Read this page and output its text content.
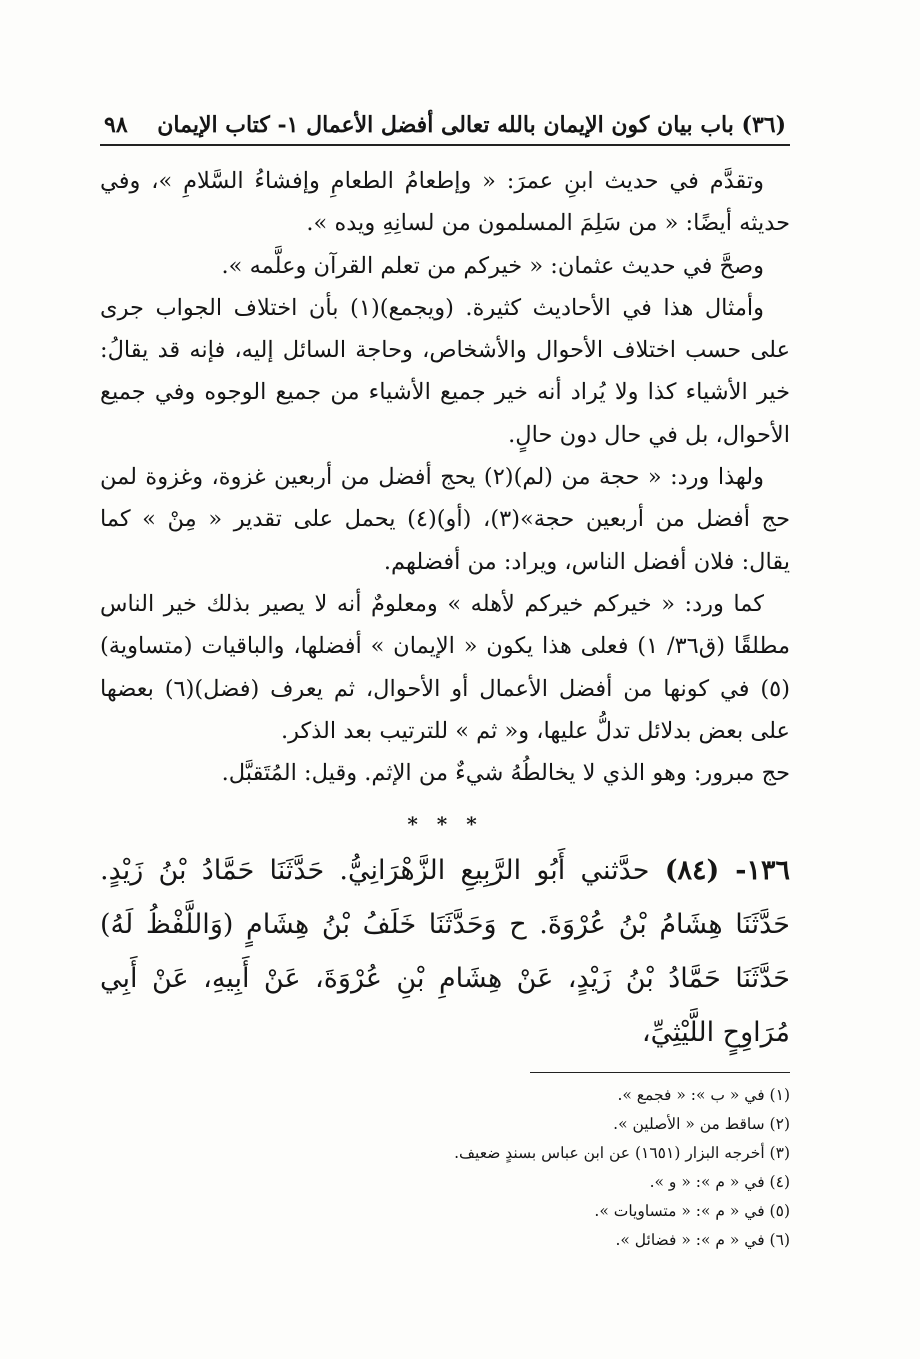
(٣٦) باب بيان كون الإيمان بالله تعالى أفضل الأعمال ١- كتاب الإيمان
٩٨

وتقدَّم في حديث ابنِ عمرَ: « وإطعامُ الطعامِ وإفشاءُ السَّلامِ »، وفي حديثه أيضًا: « من سَلِمَ المسلمون من لسانِهِ ويده ».

وصحَّ في حديث عثمان: « خيركم من تعلم القرآن وعلَّمه ».

وأمثال هذا في الأحاديث كثيرة. (ويجمع)(١) بأن اختلاف الجواب جرى على حسب اختلاف الأحوال والأشخاص، وحاجة السائل إليه، فإنه قد يقالُ: خير الأشياء كذا ولا يُراد أنه خير جميع الأشياء من جميع الوجوه وفي جميع الأحوال، بل في حال دون حالٍ.

ولهذا ورد: « حجة من (لم)(٢) يحج أفضل من أربعين غزوة، وغزوة لمن حج أفضل من أربعين حجة»(٣)، (أو)(٤) يحمل على تقدير « مِنْ » كما يقال: فلان أفضل الناس، ويراد: من أفضلهم.

كما ورد: « خيركم خيركم لأهله » ومعلومٌ أنه لا يصير بذلك خير الناس مطلقًا (ق٣٦/ ١) فعلى هذا يكون « الإيمان » أفضلها، والباقيات (متساوية)(٥) في كونها من أفضل الأعمال أو الأحوال، ثم يعرف (فضل)(٦) بعضها على بعض بدلائل تدلُّ عليها، و« ثم » للترتيب بعد الذكر.

حج مبرور: وهو الذي لا يخالطُهُ شيءٌ من الإثم. وقيل: المُتَقبَّل.

* * *

١٣٦- (٨٤) حدَّثني أَبُو الرَّبِيعِ الزَّهْرَانِيُّ. حَدَّثَنَا حَمَّادُ بْنُ زَيْدٍ. حَدَّثَنَا هِشَامُ بْنُ عُرْوَةَ. ح وَحَدَّثَنَا خَلَفُ بْنُ هِشَامٍ (وَاللَّفْظُ لَهُ) حَدَّثَنَا حَمَّادُ بْنُ زَيْدٍ، عَنْ هِشَامِ بْنِ عُرْوَةَ، عَنْ أَبِيهِ، عَنْ أَبِي مُرَاوِحٍ اللَّيْثِيِّ،

(١) في « ب »: « فجمع ».
(٢) ساقط من « الأصلين ».
(٣) أخرجه البزار (١٦٥١) عن ابن عباس بسندٍ ضعيف.
(٤) في « م »: « و ».
(٥) في « م »: « متساويات ».
(٦) في « م »: « فضائل ».
